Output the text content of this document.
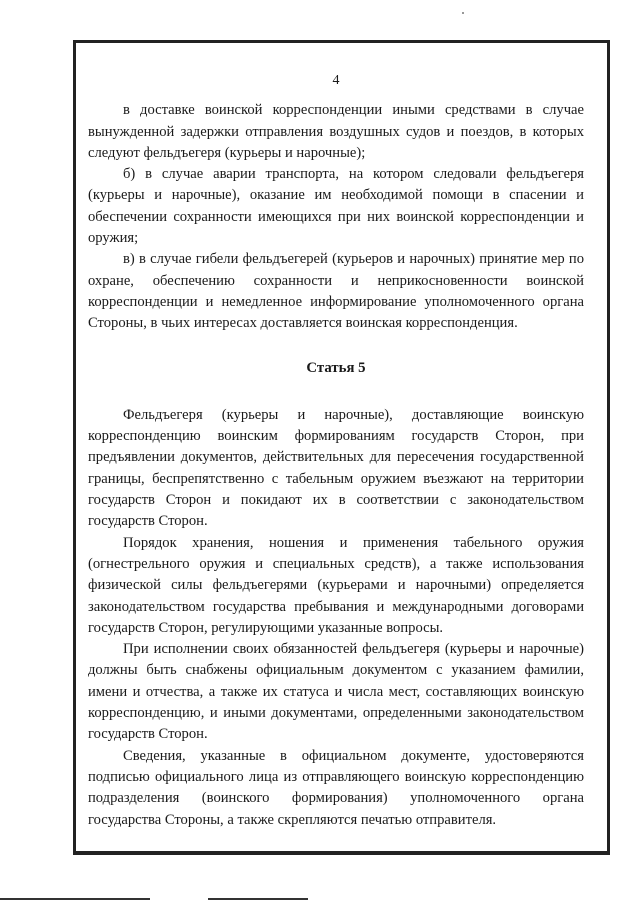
4

в доставке воинской корреспонденции иными средствами в случае вынужденной задержки отправления воздушных судов и поездов, в которых следуют фельдъегеря (курьеры и нарочные);

б) в случае аварии транспорта, на котором следовали фельдъегеря (курьеры и нарочные), оказание им необходимой помощи в спасении и обеспечении сохранности имеющихся при них воинской корреспонденции и оружия;

в) в случае гибели фельдъегерей (курьеров и нарочных) принятие мер по охране, обеспечению сохранности и неприкосновенности воинской корреспонденции и немедленное информирование уполномоченного органа Стороны, в чьих интересах доставляется воинская корреспонденция.

Статья 5

Фельдъегеря (курьеры и нарочные), доставляющие воинскую корреспонденцию воинским формированиям государств Сторон, при предъявлении документов, действительных для пересечения государственной границы, беспрепятственно с табельным оружием въезжают на территории государств Сторон и покидают их в соответствии с законодательством государств Сторон.

Порядок хранения, ношения и применения табельного оружия (огнестрельного оружия и специальных средств), а также использования физической силы фельдъегерями (курьерами и нарочными) определяется законодательством государства пребывания и международными договорами государств Сторон, регулирующими указанные вопросы.

При исполнении своих обязанностей фельдъегеря (курьеры и нарочные) должны быть снабжены официальным документом с указанием фамилии, имени и отчества, а также их статуса и числа мест, составляющих воинскую корреспонденцию, и иными документами, определенными законодательством государств Сторон.

Сведения, указанные в официальном документе, удостоверяются подписью официального лица из отправляющего воинскую корреспонденцию подразделения (воинского формирования) уполномоченного органа государства Стороны, а также скрепляются печатью отправителя.
